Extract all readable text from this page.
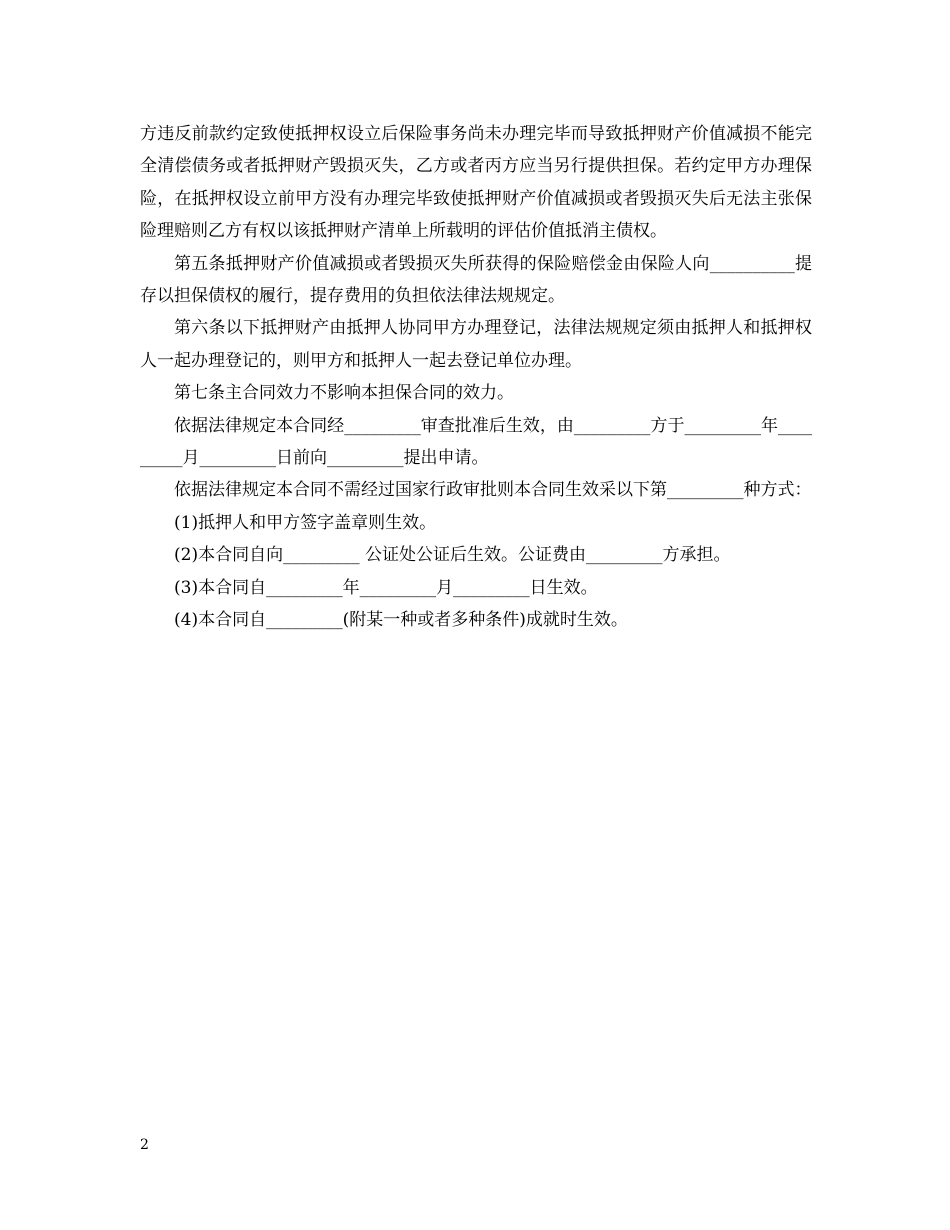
方违反前款约定致使抵押权设立后保险事务尚未办理完毕而导致抵押财产价值减损不能完全清偿债务或者抵押财产毁损灭失，乙方或者丙方应当另行提供担保。若约定甲方办理保险，在抵押权设立前甲方没有办理完毕致使抵押财产价值减损或者毁损灭失后无法主张保险理赔则乙方有权以该抵押财产清单上所载明的评估价值抵消主债权。

第五条抵押财产价值减损或者毁损灭失所获得的保险赔偿金由保险人向__________提存以担保债权的履行，提存费用的负担依法律法规规定。

第六条以下抵押财产由抵押人协同甲方办理登记，法律法规规定须由抵押人和抵押权人一起办理登记的，则甲方和抵押人一起去登记单位办理。

第七条主合同效力不影响本担保合同的效力。

依据法律规定本合同经_________审查批准后生效，由_________方于_________年_________月_________日前向_________提出申请。

依据法律规定本合同不需经过国家行政审批则本合同生效采以下第_________种方式：

(1)抵押人和甲方签字盖章则生效。

(2)本合同自向_________ 公证处公证后生效。公证费由_________方承担。

(3)本合同自_________年_________月_________日生效。

(4)本合同自_________(附某一种或者多种条件)成就时生效。

2
